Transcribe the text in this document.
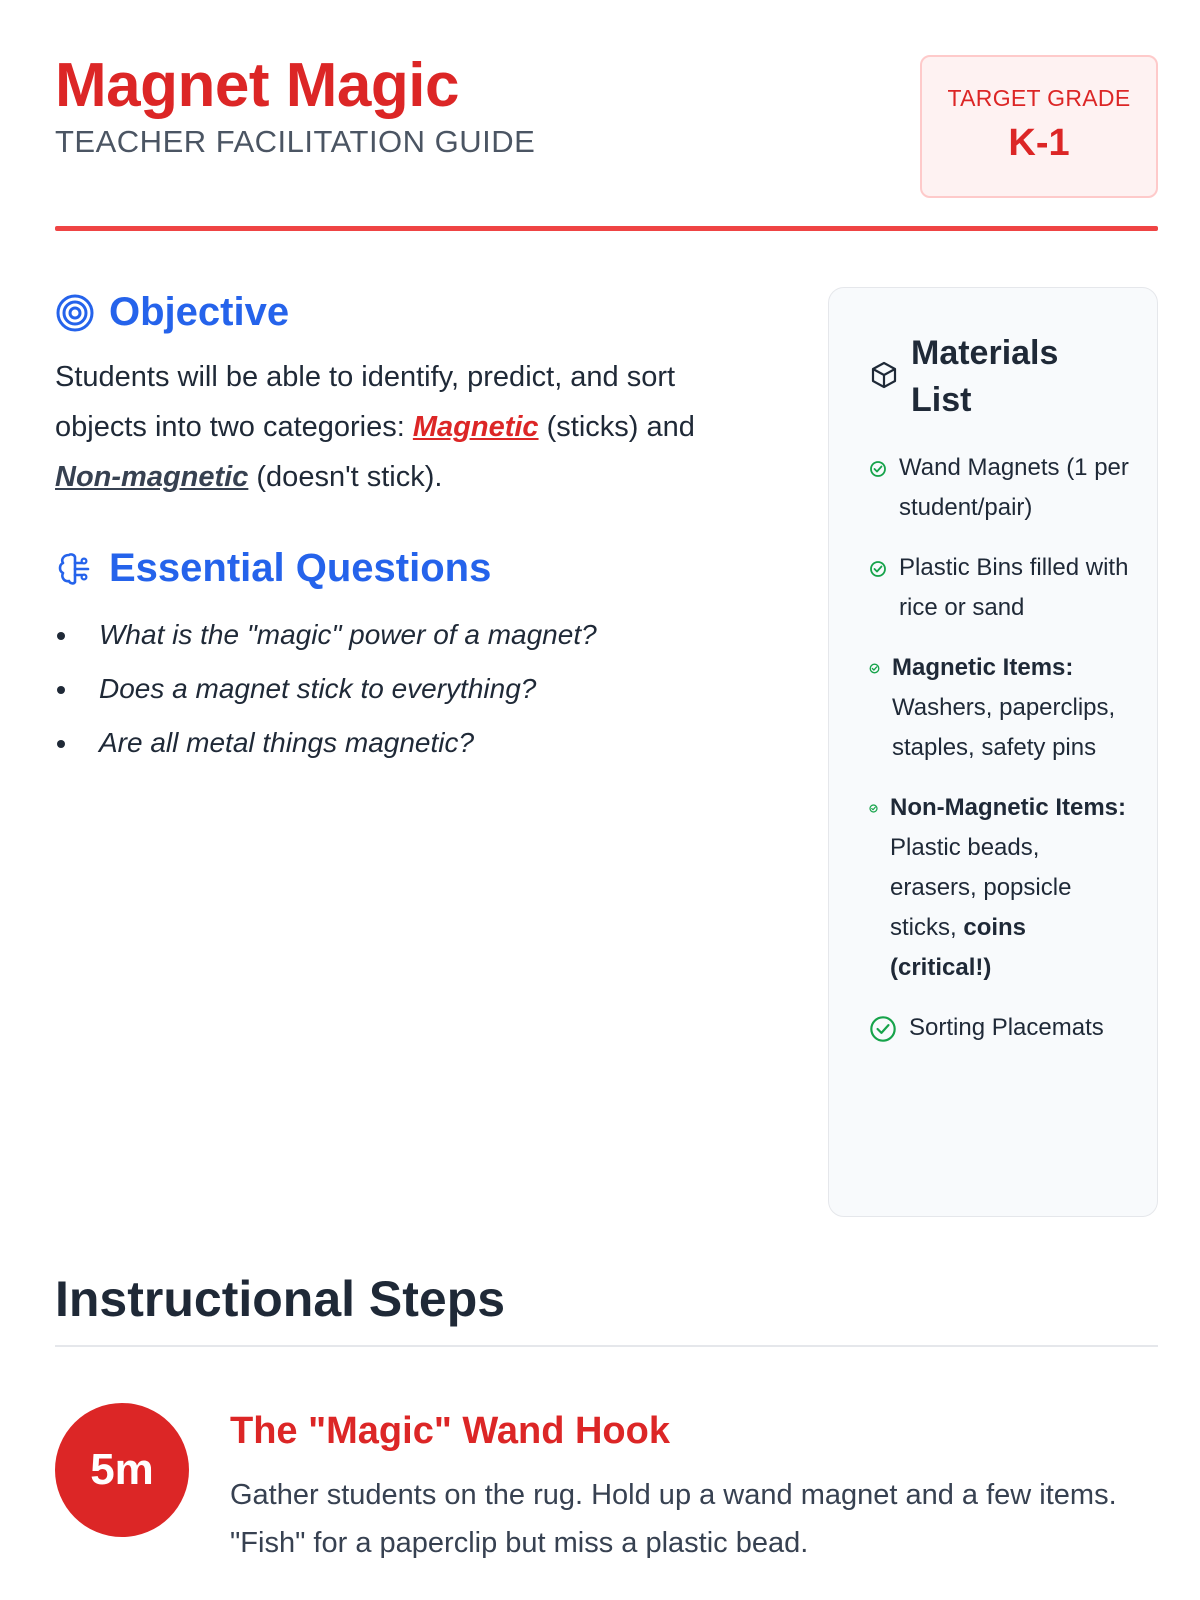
Magnet Magic
TEACHER FACILITATION GUIDE
TARGET GRADE
K-1
Objective

Students will be able to identify, predict, and sort objects into two categories: Magnetic (sticks) and Non-magnetic (doesn't stick).

Essential Questions
What is the "magic" power of a magnet?
Does a magnet stick to everything?
Are all metal things magnetic?
Materials List
Wand Magnets (1 per student/pair)
Plastic Bins filled with rice or sand
Magnetic Items: Washers, paperclips, staples, safety pins
Non-Magnetic Items: Plastic beads, erasers, popsicle sticks, coins (critical!)
Sorting Placemats
Instructional Steps
5m
The "Magic" Wand Hook

Gather students on the rug. Hold up a wand magnet and a few items. "Fish" for a paperclip but miss a plastic bead.
